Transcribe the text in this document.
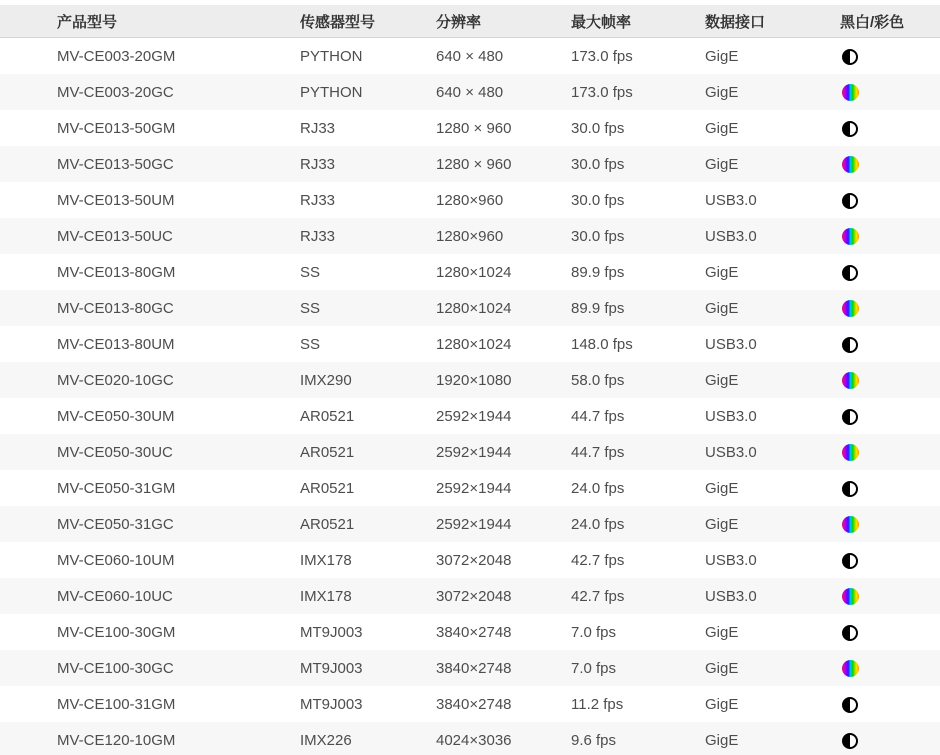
产品型号	传感器型号	分辨率	最大帧率	数据接口	黑白/彩色
MV-CE003-20GM	PYTHON	640 × 480	173.0 fps	GigE	
MV-CE003-20GC	PYTHON	640 × 480	173.0 fps	GigE	
MV-CE013-50GM	RJ33	1280 × 960	30.0 fps	GigE	
MV-CE013-50GC	RJ33	1280 × 960	30.0 fps	GigE	
MV-CE013-50UM	RJ33	1280×960	30.0 fps	USB3.0	
MV-CE013-50UC	RJ33	1280×960	30.0 fps	USB3.0	
MV-CE013-80GM	SS	1280×1024	89.9 fps	GigE	
MV-CE013-80GC	SS	1280×1024	89.9 fps	GigE	
MV-CE013-80UM	SS	1280×1024	148.0 fps	USB3.0	
MV-CE020-10GC	IMX290	1920×1080	58.0 fps	GigE	
MV-CE050-30UM	AR0521	2592×1944	44.7 fps	USB3.0	
MV-CE050-30UC	AR0521	2592×1944	44.7 fps	USB3.0	
MV-CE050-31GM	AR0521	2592×1944	24.0 fps	GigE	
MV-CE050-31GC	AR0521	2592×1944	24.0 fps	GigE	
MV-CE060-10UM	IMX178	3072×2048	42.7 fps	USB3.0	
MV-CE060-10UC	IMX178	3072×2048	42.7 fps	USB3.0	
MV-CE100-30GM	MT9J003	3840×2748	7.0 fps	GigE	
MV-CE100-30GC	MT9J003	3840×2748	7.0 fps	GigE	
MV-CE100-31GM	MT9J003	3840×2748	11.2 fps	GigE	
MV-CE120-10GM	IMX226	4024×3036	9.6 fps	GigE	
